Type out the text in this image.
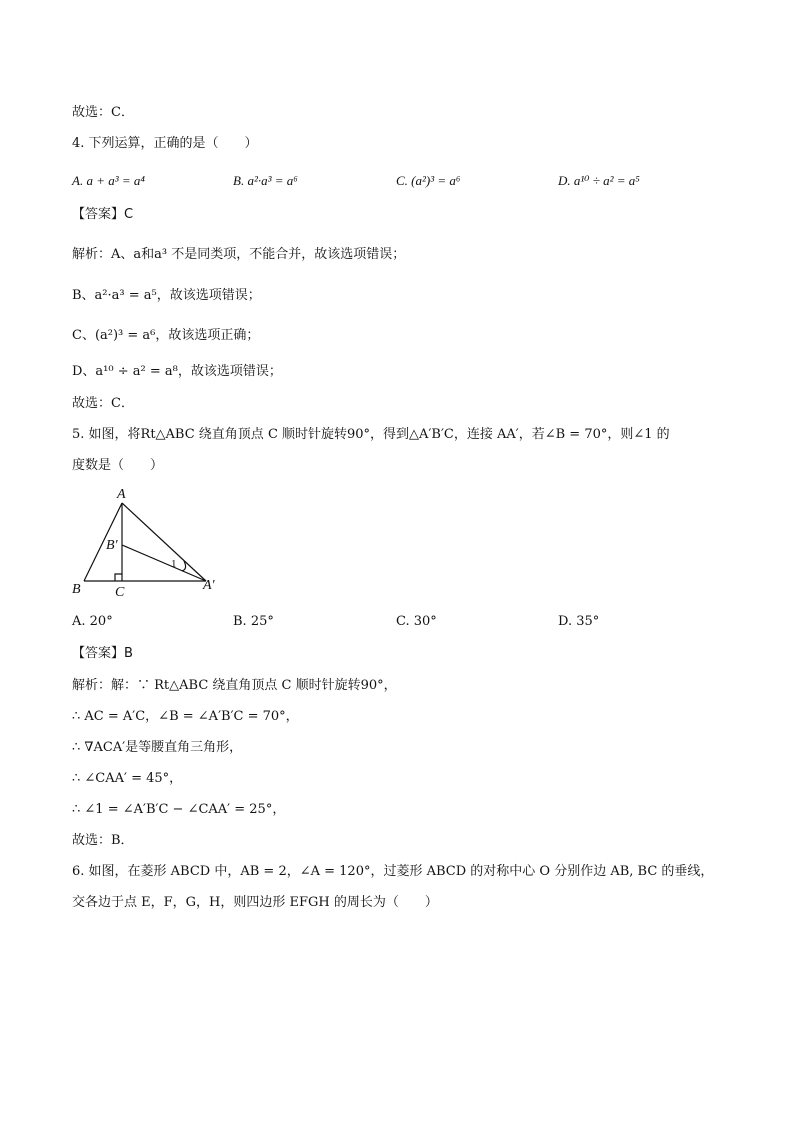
故选：C．
4. 下列运算，正确的是（　　）
A. a + a³ = a⁴	B. a²·a³ = a⁶	C. (a²)³ = a⁶	D. a¹⁰ ÷ a² = a⁵
【答案】C
解析：A、a和a³ 不是同类项，不能合并，故该选项错误；
B、a²·a³ = a⁵，故该选项错误；
C、(a²)³ = a⁶，故该选项正确；
D、a¹⁰ ÷ a² = a⁸，故该选项错误；
故选：C．
5. 如图，将Rt△ABC 绕直角顶点 C 顺时针旋转90°，得到△A′B′C，连接 AA′，若∠B = 70°，则∠1 的
度数是（　　）
A
B′
B C	A′
1
A. 20°	B. 25°	C. 30°	D. 35°
【答案】B
解析：解：∵ Rt△ABC 绕直角顶点 C 顺时针旋转90°，
∴ AC = A′C，∠B = ∠A′B′C = 70°，
∴ ∇ACA′是等腰直角三角形，
∴ ∠CAA′ = 45°，
∴ ∠1 = ∠A′B′C − ∠CAA′ = 25°，
故选：B．
6. 如图，在菱形 ABCD 中，AB = 2，∠A = 120°，过菱形 ABCD 的对称中心 O 分别作边 AB, BC 的垂线，
交各边于点 E，F，G，H，则四边形 EFGH 的周长为（　　）
